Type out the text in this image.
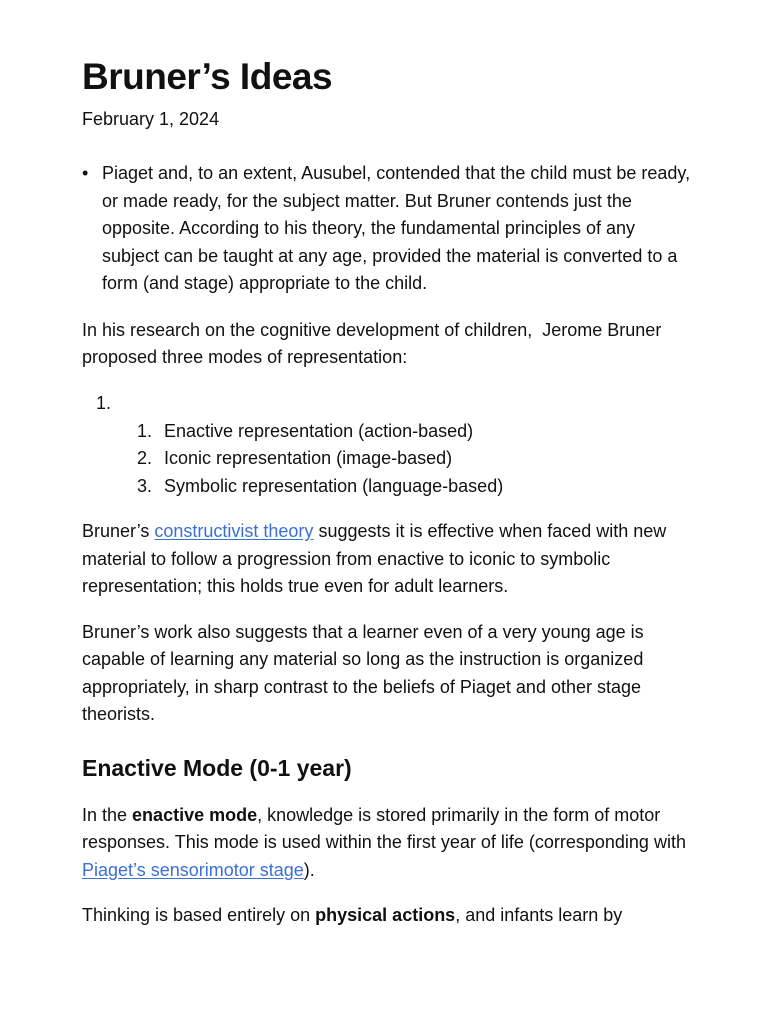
Bruner’s Ideas
February 1, 2024
• Piaget and, to an extent, Ausubel, contended that the child must be ready, or made ready, for the subject matter. But Bruner contends just the opposite. According to his theory, the fundamental principles of any subject can be taught at any age, provided the material is converted to a form (and stage) appropriate to the child.

In his research on the cognitive development of children,  Jerome Bruner proposed three modes of representation:

1.
1. Enactive representation (action-based)
2. Iconic representation (image-based)
3. Symbolic representation (language-based)

Bruner’s constructivist theory suggests it is effective when faced with new material to follow a progression from enactive to iconic to symbolic representation; this holds true even for adult learners.

Bruner’s work also suggests that a learner even of a very young age is capable of learning any material so long as the instruction is organized appropriately, in sharp contrast to the beliefs of Piaget and other stage theorists.

Enactive Mode (0-1 year)

In the enactive mode, knowledge is stored primarily in the form of motor responses. This mode is used within the first year of life (corresponding with Piaget’s sensorimotor stage).

Thinking is based entirely on physical actions, and infants learn by
